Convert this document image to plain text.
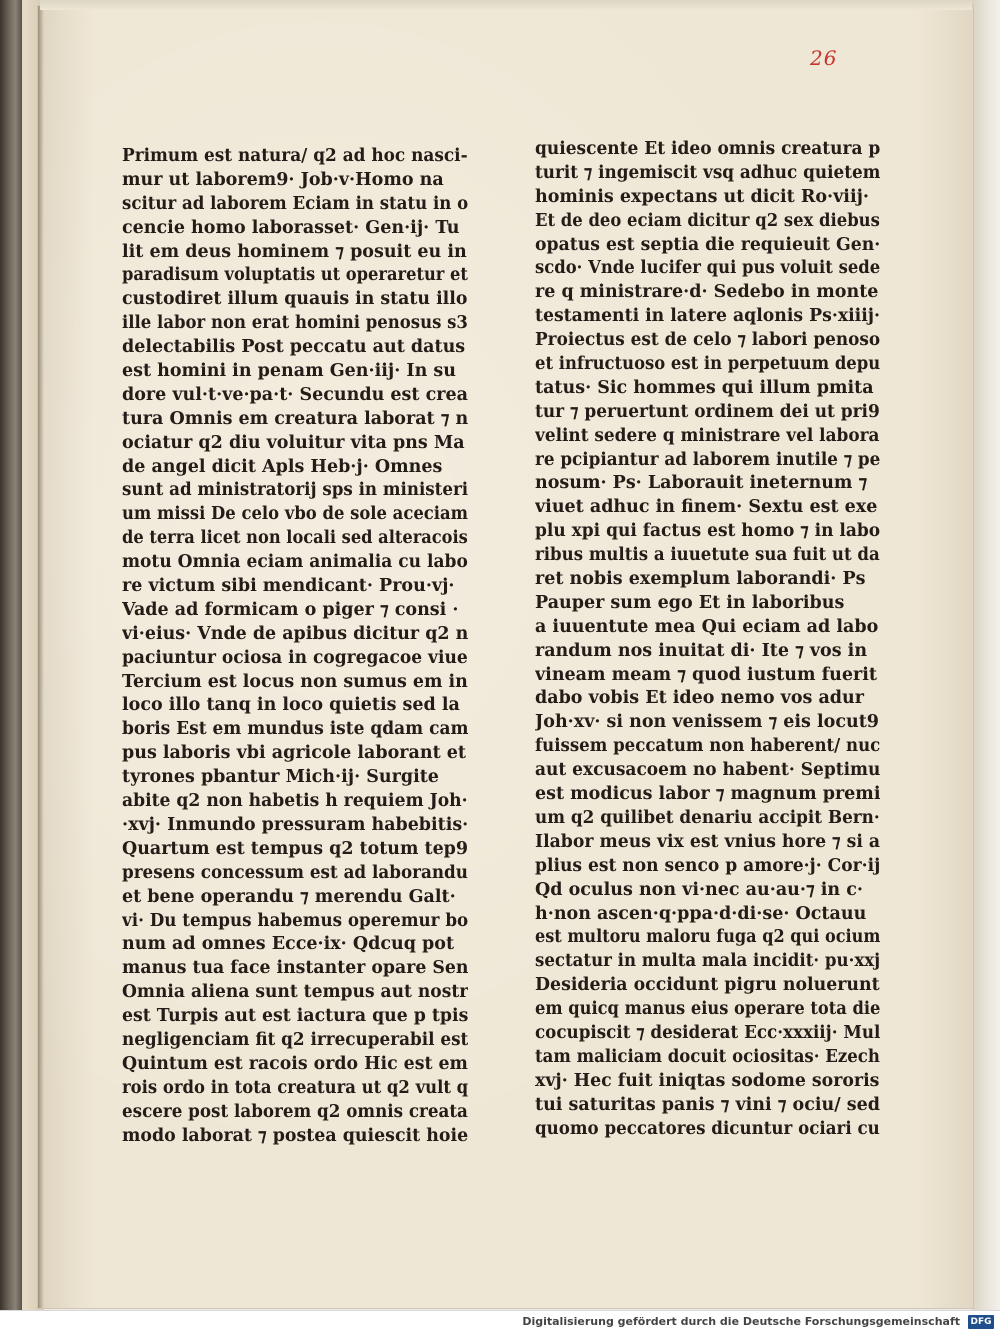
26
Primum est natura/ q2 ad hoc nasci-
mur ut laborem9· Job·v·Homo na
scitur ad laborem Eciam in statu in o
cencie homo laborasset· Gen·ij· Tu
lit em deus hominem ⁊ posuit eu in
paradisum voluptatis ut operaretur et
custodiret illum quauis in statu illo
ille labor non erat homini penosus s3
delectabilis Post peccatu aut datus
est homini in penam Gen·iij· In su
dore vul·t·ve·pa·t· Secundu est crea
tura Omnis em creatura laborat ⁊ n
ociatur q2 diu voluitur vita pns Ma
de angel dicit Apls Heb·j· Omnes
sunt ad ministratorij sps in ministeri
um missi De celo vbo de sole aceciam
de terra licet non locali sed alteracois
motu Omnia eciam animalia cu labo
re victum sibi mendicant· Prou·vj·
Vade ad formicam o piger ⁊ consi ·
vi·eius· Vnde de apibus dicitur q2 n
paciuntur ociosa in cogregacoe viue
Tercium est locus non sumus em in
loco illo tanq in loco quietis sed la
boris Est em mundus iste qdam cam
pus laboris vbi agricole laborant et
tyrones pbantur Mich·ij· Surgite
abite q2 non habetis h requiem Joh·
·xvj· Inmundo pressuram habebitis·
Quartum est tempus q2 totum tep9
presens concessum est ad laborandu
et bene operandu ⁊ merendu Galt·
vi· Du tempus habemus operemur bo
num ad omnes Ecce·ix· Qdcuq pot
manus tua face instanter opare Sen
Omnia aliena sunt tempus aut nostr
est Turpis aut est iactura que p tpis
negligenciam fit q2 irrecuperabil est
Quintum est racois ordo Hic est em
rois ordo in tota creatura ut q2 vult q
escere post laborem q2 omnis creata
modo laborat ⁊ postea quiescit hoie
quiescente Et ideo omnis creatura p
turit ⁊ ingemiscit vsq adhuc quietem
hominis expectans ut dicit Ro·viij·
Et de deo eciam dicitur q2 sex diebus
opatus est septia die requieuit Gen·
scdo· Vnde lucifer qui pus voluit sede
re q ministrare·d· Sedebo in monte
testamenti in latere aqlonis Ps·xiiij·
Proiectus est de celo ⁊ labori penoso
et infructuoso est in perpetuum depu
tatus· Sic hommes qui illum pmita
tur ⁊ peruertunt ordinem dei ut pri9
velint sedere q ministrare vel labora
re pcipiantur ad laborem inutile ⁊ pe
nosum· Ps· Laborauit ineternum ⁊
viuet adhuc in finem· Sextu est exe
plu xpi qui factus est homo ⁊ in labo
ribus multis a iuuetute sua fuit ut da
ret nobis exemplum laborandi· Ps
Pauper sum ego Et in laboribus
a iuuentute mea Qui eciam ad labo
randum nos inuitat di· Ite ⁊ vos in
vineam meam ⁊ quod iustum fuerit
dabo vobis Et ideo nemo vos adur
Joh·xv· si non venissem ⁊ eis locut9
fuissem peccatum non haberent/ nuc
aut excusacoem no habent· Septimu
est modicus labor ⁊ magnum premi
um q2 quilibet denariu accipit Bern·
Ilabor meus vix est vnius hore ⁊ si a
plius est non senco p amore·j· Cor·ij
Qd oculus non vi·nec au·au·⁊ in c·
h·non ascen·q·ppa·d·di·se· Octauu
est multoru maloru fuga q2 qui ocium
sectatur in multa mala incidit· pu·xxj
Desideria occidunt pigru noluerunt
em quicq manus eius operare tota die
cocupiscit ⁊ desiderat Ecc·xxxiij· Mul
tam maliciam docuit ociositas· Ezech
xvj· Hec fuit iniqtas sodome sororis
tui saturitas panis ⁊ vini ⁊ ociu/ sed
quomo peccatores dicuntur ociari cu
Digitalisierung gefördert durch die Deutsche Forschungsgemeinschaft DFG
